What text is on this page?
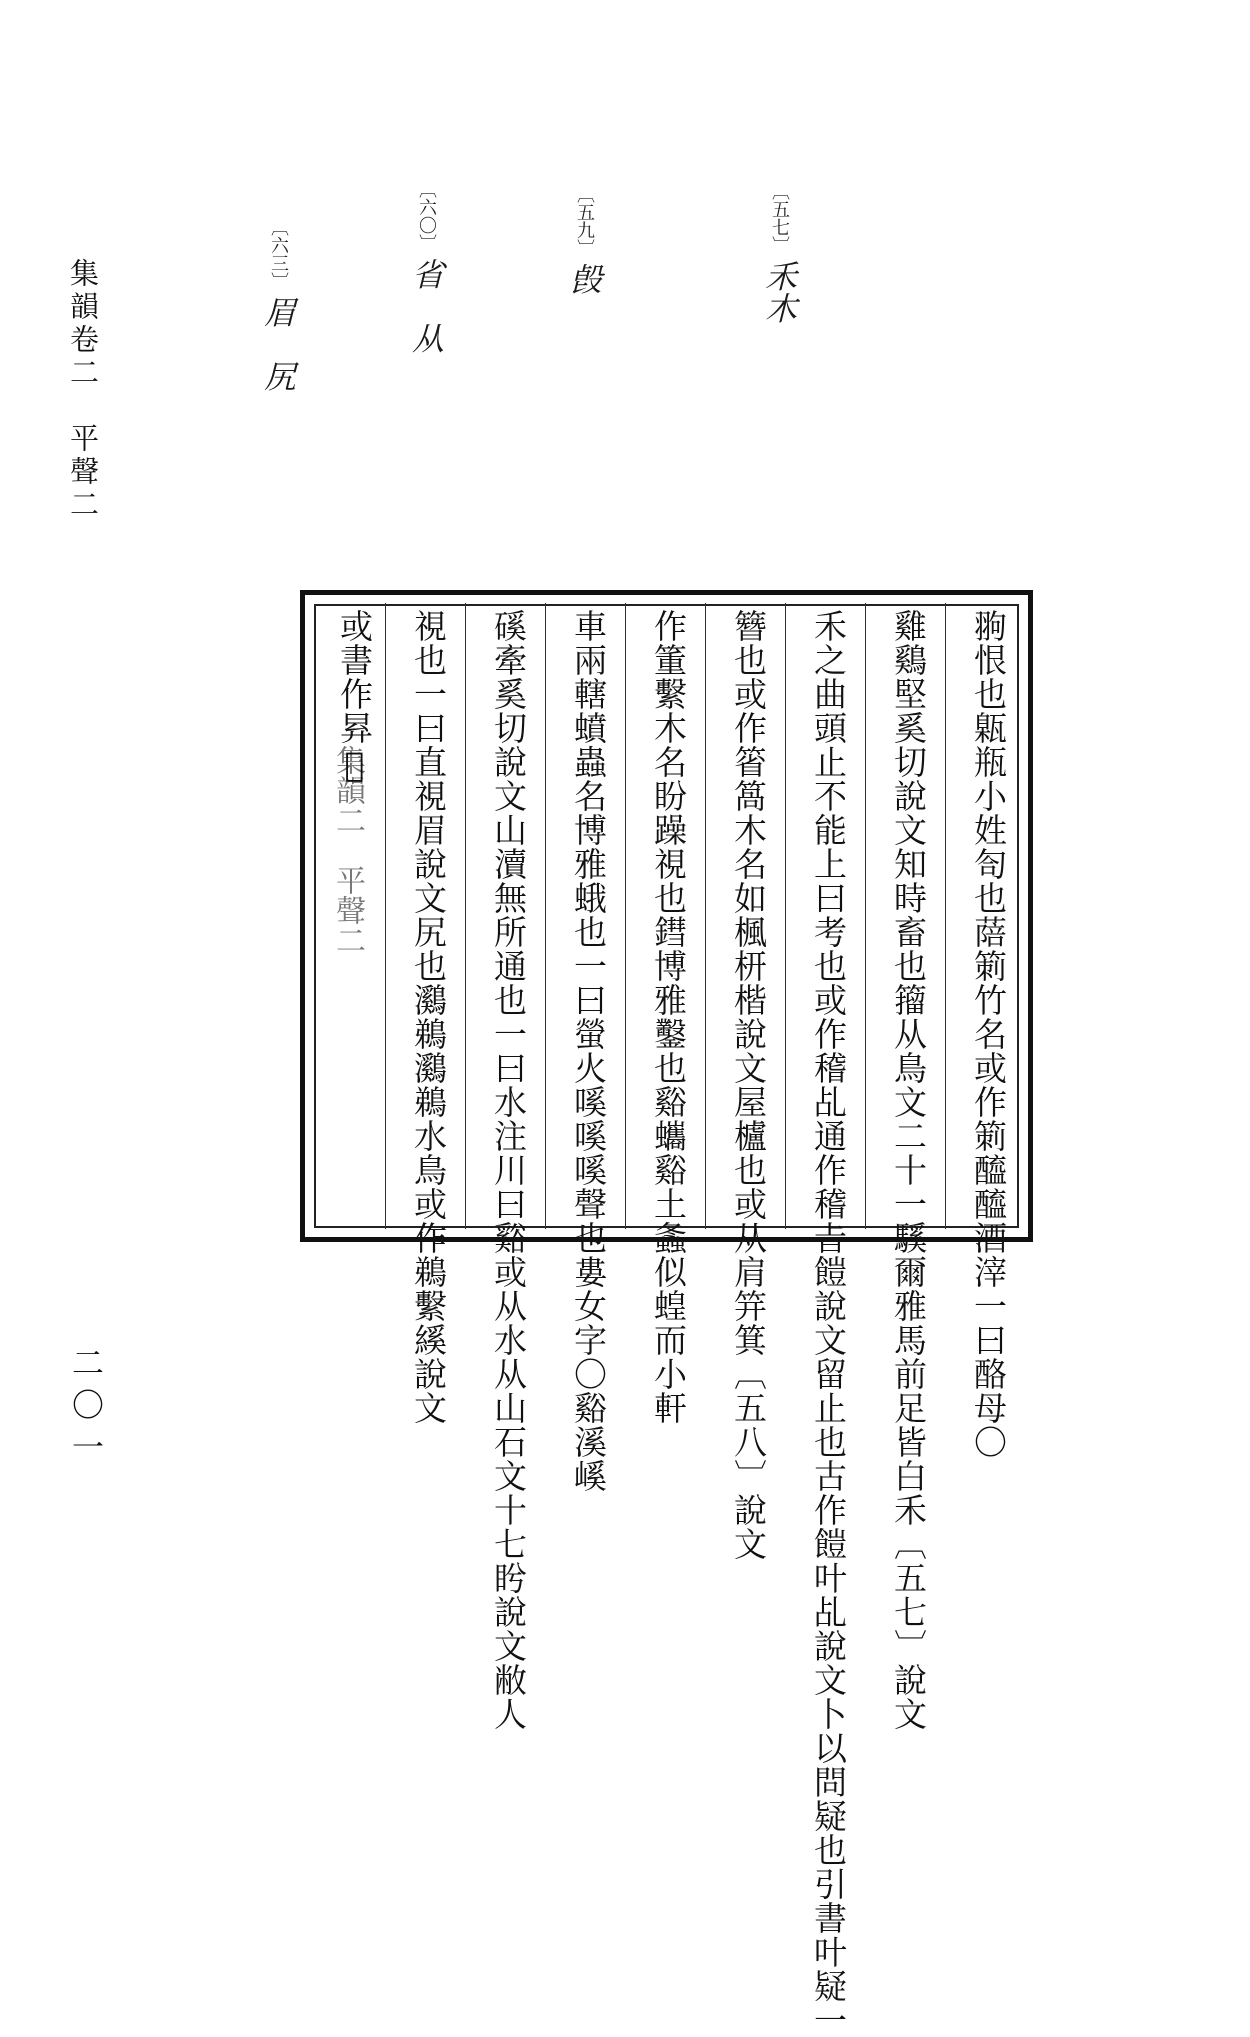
集韻卷二　平聲二
二〇一
〔五七〕禾木
〔五九〕㲃
〔六〇〕省　从
〔六三〕眉　尻
集韻二　平聲二	翑恨也甈瓶小姓匌也䔒箣竹名或作箣醯醯酒滓一曰酪母〇
雞鷄堅奚切說文知時畜也籀从鳥文二十一騱爾雅馬前足皆白禾〔五七〕說文
禾之曲頭止不能上曰考也或作稽乩通作稽㫖䭓說文留止也古作䭓叶乩說文卜以問疑也引書叶疑一
簪也或作箵䈑木名如楓枅楷說文屋櫨也或从肩笄箕〔五八〕說文
作箽繫木名盼躁視也鏏博雅鑿也谿蠵谿土螽似蝗而小軒
車兩轄蟦蟲名博雅蛾也一曰螢火嗘嗘嗘聲也婁女字〇谿溪嵠
磎牽奚切說文山瀆無所通也一曰水注川曰谿或从水从山石文十七盻說文敝人
視也一曰直視眉說文尻也鸂鵜鸂鵜水鳥或作鵜繫縘說文
或書作昪𣅔
